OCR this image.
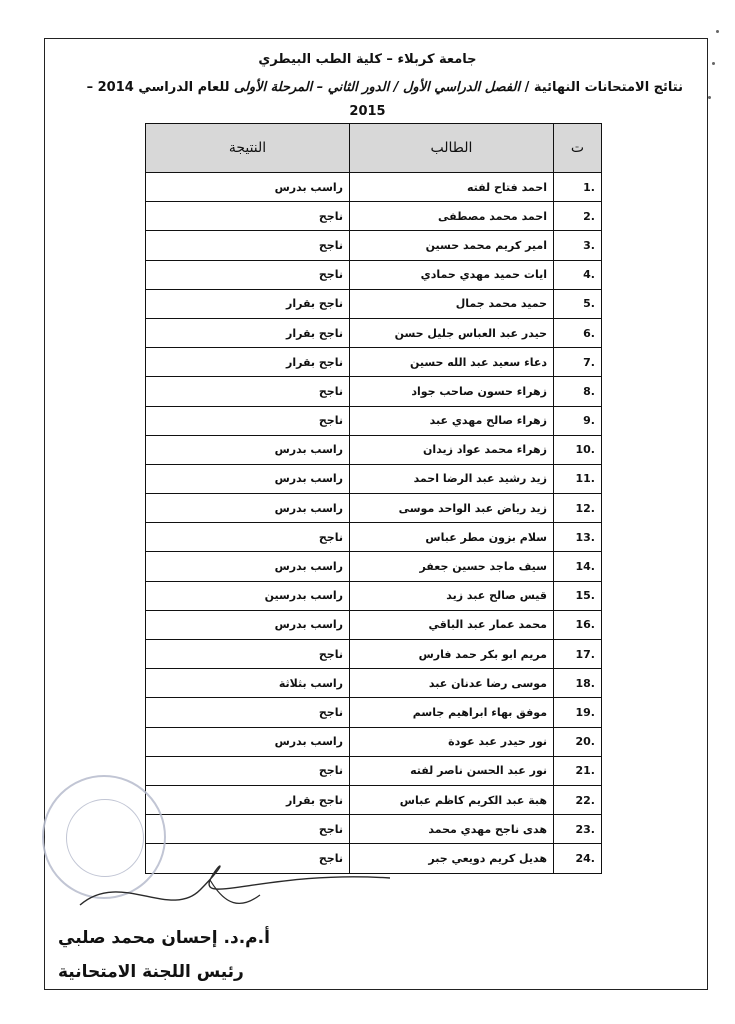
جامعة كربلاء – كلية الطب البيطري
نتائج الامتحانات النهائية / الفصل الدراسي الأول / الدور الثاني – المرحلة الأولى للعام الدراسي 2014 –
2015
ت	الطالب	النتيجة
1.	احمد فتاح لفته	راسب بدرس
2.	احمد محمد مصطفى	ناجح
3.	امير كريم محمد حسين	ناجح
4.	ايات حميد مهدي حمادي	ناجح
5.	حميد محمد جمال	ناجح بقرار
6.	حيدر عبد العباس جليل حسن	ناجح بقرار
7.	دعاء سعيد عبد الله حسين	ناجح بقرار
8.	زهراء حسون صاحب جواد	ناجح
9.	زهراء صالح مهدي عبد	ناجح
10.	زهراء محمد عواد زيدان	راسب بدرس
11.	زيد رشيد عبد الرضا احمد	راسب بدرس
12.	زيد رياض عبد الواحد موسى	راسب بدرس
13.	سلام بزون مطر عباس	ناجح
14.	سيف ماجد حسين جعفر	راسب بدرس
15.	قيس صالح عبد زيد	راسب بدرسين
16.	محمد عمار عبد الباقي	راسب بدرس
17.	مريم ابو بكر حمد فارس	ناجح
18.	موسى رضا عدنان عبد	راسب بثلاثة
19.	موفق بهاء ابراهيم جاسم	ناجح
20.	نور حيدر عبد عودة	راسب بدرس
21.	نور عبد الحسن ناصر لفته	ناجح
22.	هبة عبد الكريم كاظم عباس	ناجح بقرار
23.	هدى ناجح مهدي محمد	ناجح
24.	هديل كريم دويعي جبر	ناجح
أ.م.د. إحسان محمد صلبي
رئيس اللجنة الامتحانية
